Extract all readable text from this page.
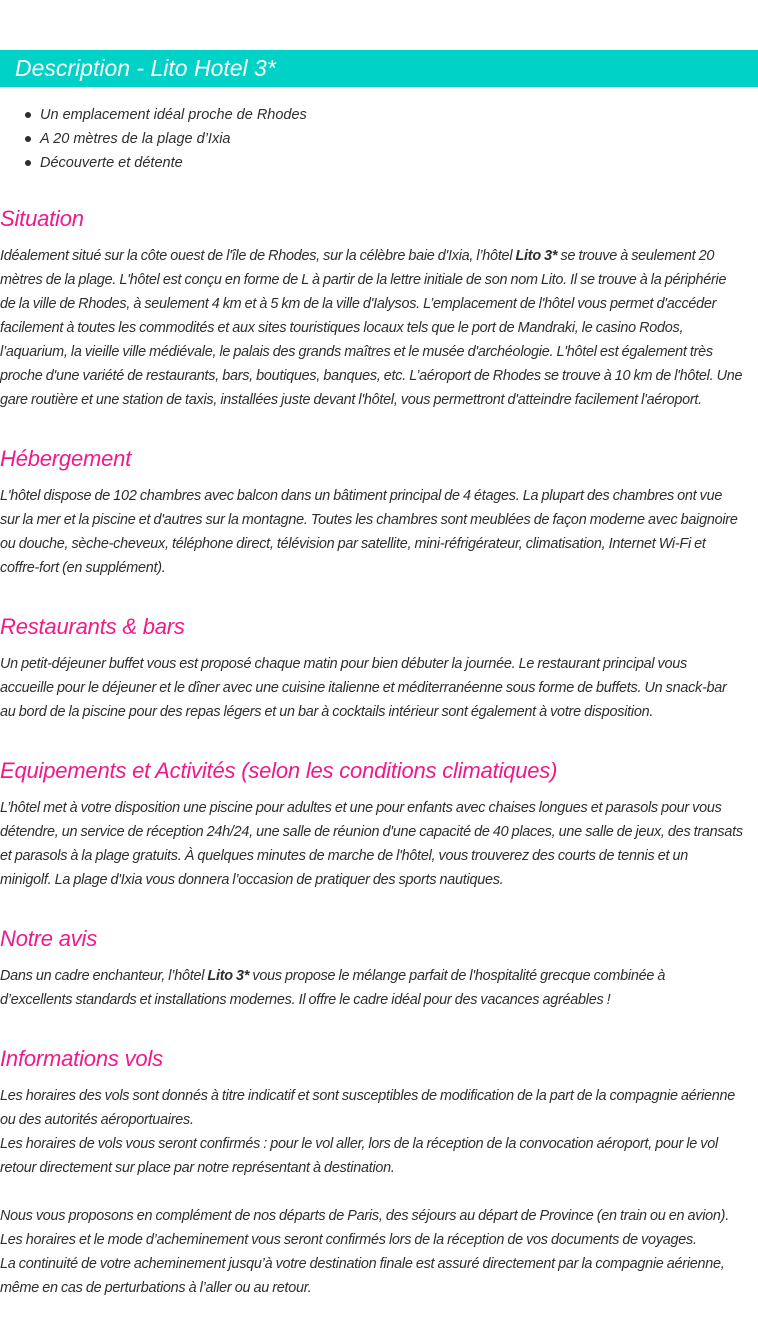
Description - Lito Hotel 3*
Un emplacement idéal proche de Rhodes
A 20 mètres de la plage d’Ixia
Découverte et détente
Situation

Idéalement situé sur la côte ouest de l'île de Rhodes, sur la célèbre baie d'Ixia, l’hôtel Lito 3* se trouve à seulement 20
mètres de la plage. L'hôtel est conçu en forme de L à partir de la lettre initiale de son nom Lito. Il se trouve à la périphérie
de la ville de Rhodes, à seulement 4 km et à 5 km de la ville d'Ialysos. L’emplacement de l'hôtel vous permet d'accéder
facilement à toutes les commodités et aux sites touristiques locaux tels que le port de Mandraki, le casino Rodos,
l’aquarium, la vieille ville médiévale, le palais des grands maîtres et le musée d'archéologie. L'hôtel est également très
proche d'une variété de restaurants, bars, boutiques, banques, etc. L’aéroport de Rhodes se trouve à 10 km de l'hôtel. Une
gare routière et une station de taxis, installées juste devant l'hôtel, vous permettront d'atteindre facilement l'aéroport.

Hébergement

L'hôtel dispose de 102 chambres avec balcon dans un bâtiment principal de 4 étages. La plupart des chambres ont vue
sur la mer et la piscine et d'autres sur la montagne. Toutes les chambres sont meublées de façon moderne avec baignoire
ou douche, sèche-cheveux, téléphone direct, télévision par satellite, mini-réfrigérateur, climatisation, Internet Wi-Fi et
coffre-fort (en supplément).

Restaurants & bars

Un petit-déjeuner buffet vous est proposé chaque matin pour bien débuter la journée. Le restaurant principal vous
accueille pour le déjeuner et le dîner avec une cuisine italienne et méditerranéenne sous forme de buffets. Un snack-bar
au bord de la piscine pour des repas légers et un bar à cocktails intérieur sont également à votre disposition.

Equipements et Activités (selon les conditions climatiques)

L’hôtel met à votre disposition une piscine pour adultes et une pour enfants avec chaises longues et parasols pour vous
détendre, un service de réception 24h/24, une salle de réunion d'une capacité de 40 places, une salle de jeux, des transats
et parasols à la plage gratuits. À quelques minutes de marche de l'hôtel, vous trouverez des courts de tennis et un
minigolf. La plage d'Ixia vous donnera l’occasion de pratiquer des sports nautiques.

Notre avis

Dans un cadre enchanteur, l’hôtel Lito 3* vous propose le mélange parfait de l'hospitalité grecque combinée à
d’excellents standards et installations modernes. Il offre le cadre idéal pour des vacances agréables !

Informations vols

Les horaires des vols sont donnés à titre indicatif et sont susceptibles de modification de la part de la compagnie aérienne
ou des autorités aéroportuaires.
Les horaires de vols vous seront confirmés : pour le vol aller, lors de la réception de la convocation aéroport, pour le vol
retour directement sur place par notre représentant à destination.
Nous vous proposons en complément de nos départs de Paris, des séjours au départ de Province (en train ou en avion).
Les horaires et le mode d’acheminement vous seront confirmés lors de la réception de vos documents de voyages.
La continuité de votre acheminement jusqu’à votre destination finale est assuré directement par la compagnie aérienne,
même en cas de perturbations à l’aller ou au retour.
